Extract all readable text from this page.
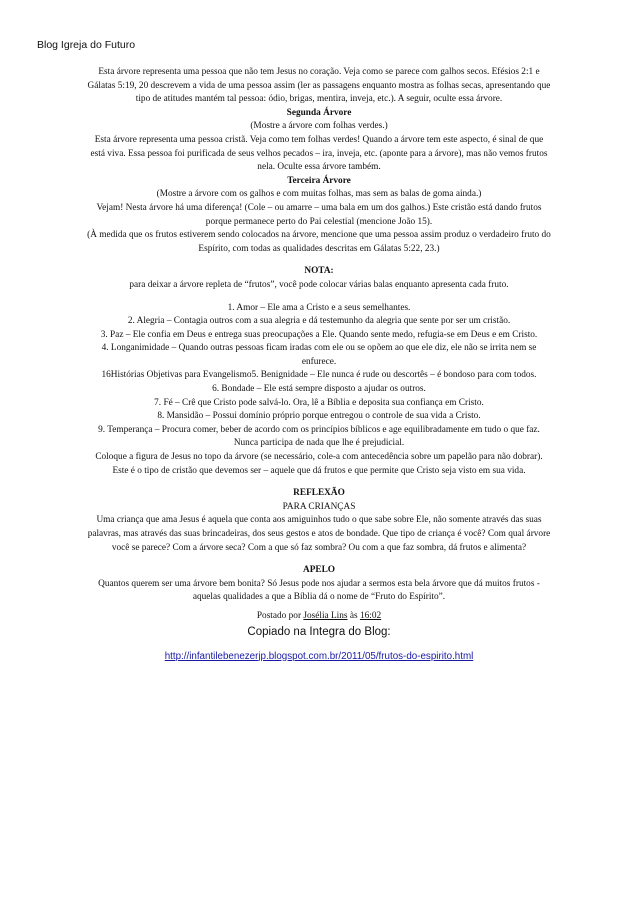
Blog Igreja do Futuro

Esta árvore representa uma pessoa que não tem Jesus no coração. Veja como se parece com galhos secos. Efésios 2:1 e

Gálatas 5:19, 20 descrevem a vida de uma pessoa assim (ler as passagens enquanto mostra as folhas secas, apresentando que

tipo de atitudes mantém tal pessoa: ódio, brigas, mentira, inveja, etc.). A seguir, oculte essa árvore.

Segunda Árvore

(Mostre a árvore com folhas verdes.)

Esta árvore representa uma pessoa cristã. Veja como tem folhas verdes! Quando a árvore tem este aspecto, é sinal de que

está viva. Essa pessoa foi purificada de seus velhos pecados – ira, inveja, etc. (aponte para a árvore), mas não vemos frutos

nela. Oculte essa árvore também.

Terceira Árvore

(Mostre a árvore com os galhos e com muitas folhas, mas sem as balas de goma ainda.)

Vejam! Nesta árvore há uma diferença! (Cole – ou amarre – uma bala em um dos galhos.) Este cristão está dando frutos

porque permanece perto do Pai celestial (mencione João 15).

(À medida que os frutos estiverem sendo colocados na árvore, mencione que uma pessoa assim produz o verdadeiro fruto do

Espírito, com todas as qualidades descritas em Gálatas 5:22, 23.)

NOTA:

para deixar a árvore repleta de “frutos”, você pode colocar várias balas enquanto apresenta cada fruto.

1. Amor – Ele ama a Cristo e a seus semelhantes.

2. Alegria – Contagia outros com a sua alegria e dá testemunho da alegria que sente por ser um cristão.

3. Paz – Ele confia em Deus e entrega suas preocupações a Ele. Quando sente medo, refugia-se em Deus e em Cristo.

4. Longanimidade – Quando outras pessoas ficam iradas com ele ou se opõem ao que ele diz, ele não se irrita nem se

enfurece.

16Histórias Objetivas para Evangelismo5. Benignidade – Ele nunca é rude ou descortês – é bondoso para com todos.

6. Bondade – Ele está sempre disposto a ajudar os outros.

7. Fé – Crê que Cristo pode salvá-lo. Ora, lê a Bíblia e deposita sua confiança em Cristo.

8. Mansidão – Possui domínio próprio porque entregou o controle de sua vida a Cristo.

9. Temperança – Procura comer, beber de acordo com os princípios bíblicos e age equilibradamente em tudo o que faz.

Nunca participa de nada que lhe é prejudicial.

Coloque a figura de Jesus no topo da árvore (se necessário, cole-a com antecedência sobre um papelão para não dobrar).

Este é o tipo de cristão que devemos ser – aquele que dá frutos e que permite que Cristo seja visto em sua vida.

REFLEXÃO

PARA CRIANÇAS

Uma criança que ama Jesus é aquela que conta aos amiguinhos tudo o que sabe sobre Ele, não somente através das suas

palavras, mas através das suas brincadeiras, dos seus gestos e atos de bondade. Que tipo de criança é você? Com qual árvore

você se parece? Com a árvore seca? Com a que só faz sombra? Ou com a que faz sombra, dá frutos e alimenta?

APELO

Quantos querem ser uma árvore bem bonita? Só Jesus pode nos ajudar a sermos esta bela árvore que dá muitos frutos -

aquelas qualidades a que a Bíblia dá o nome de “Fruto do Espírito”.

Postado por Josélia Lins às 16:02

Copiado na Integra do Blog:

http://infantilebenezerjp.blogspot.com.br/2011/05/frutos-do-espirito.html
